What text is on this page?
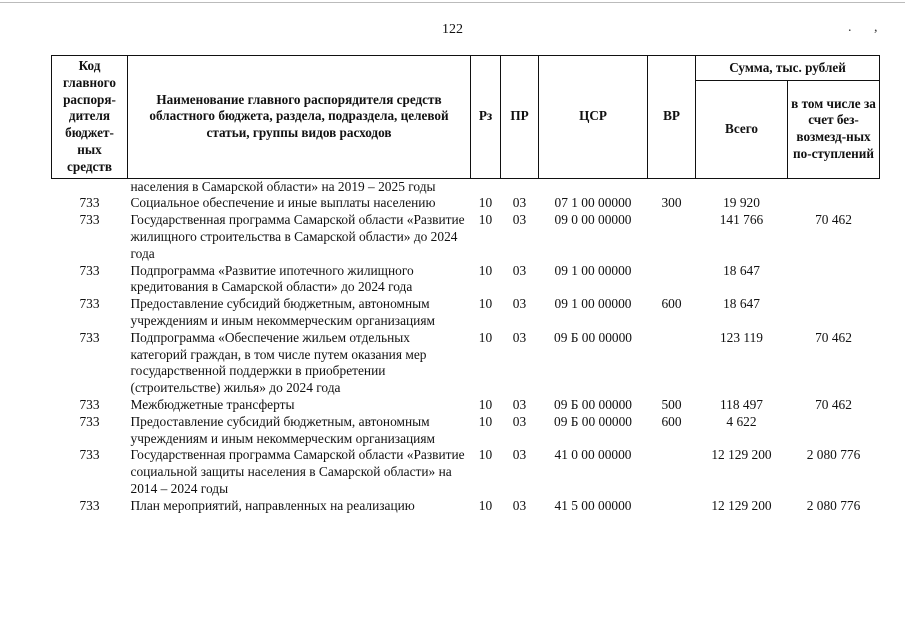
122	. ,
Код главного распоря-дителя бюджет-ных средств	Наименование главного распорядителя средств областного бюджета, раздела, подраздела, целевой статьи, группы видов расходов	Рз	ПР	ЦСР	ВР	Сумма, тыс. рублей	
						Всего	в том числе за счет без-возмезд-ных по-ступлений
	населения в Самарской области» на 2019 – 2025 годы						
733	Социальное обеспечение и иные выплаты населению	10	03	07 1 00 00000	300	19 920	
733	Государственная программа Самарской области «Развитие жилищного строительства в Самарской области» до 2024 года	10	03	09 0 00 00000		141 766	70 462
733	Подпрограмма «Развитие ипотечного жилищного кредитования в Самарской области» до 2024 года	10	03	09 1 00 00000		18 647	
733	Предоставление субсидий бюджетным, автономным учреждениям и иным некоммерческим организациям	10	03	09 1 00 00000	600	18 647	
733	Подпрограмма «Обеспечение жильем отдельных категорий граждан, в том числе путем оказания мер государственной поддержки в приобретении (строительстве) жилья» до 2024 года	10	03	09 Б 00 00000		123 119	70 462
733	Межбюджетные трансферты	10	03	09 Б 00 00000	500	118 497	70 462
733	Предоставление субсидий бюджетным, автономным учреждениям и иным некоммерческим организациям	10	03	09 Б 00 00000	600	4 622	
733	Государственная программа Самарской области «Развитие социальной защиты населения в Самарской области» на 2014 – 2024 годы	10	03	41 0 00 00000		12 129 200	2 080 776
733	План мероприятий, направленных на реализацию	10	03	41 5 00 00000		12 129 200	2 080 776
